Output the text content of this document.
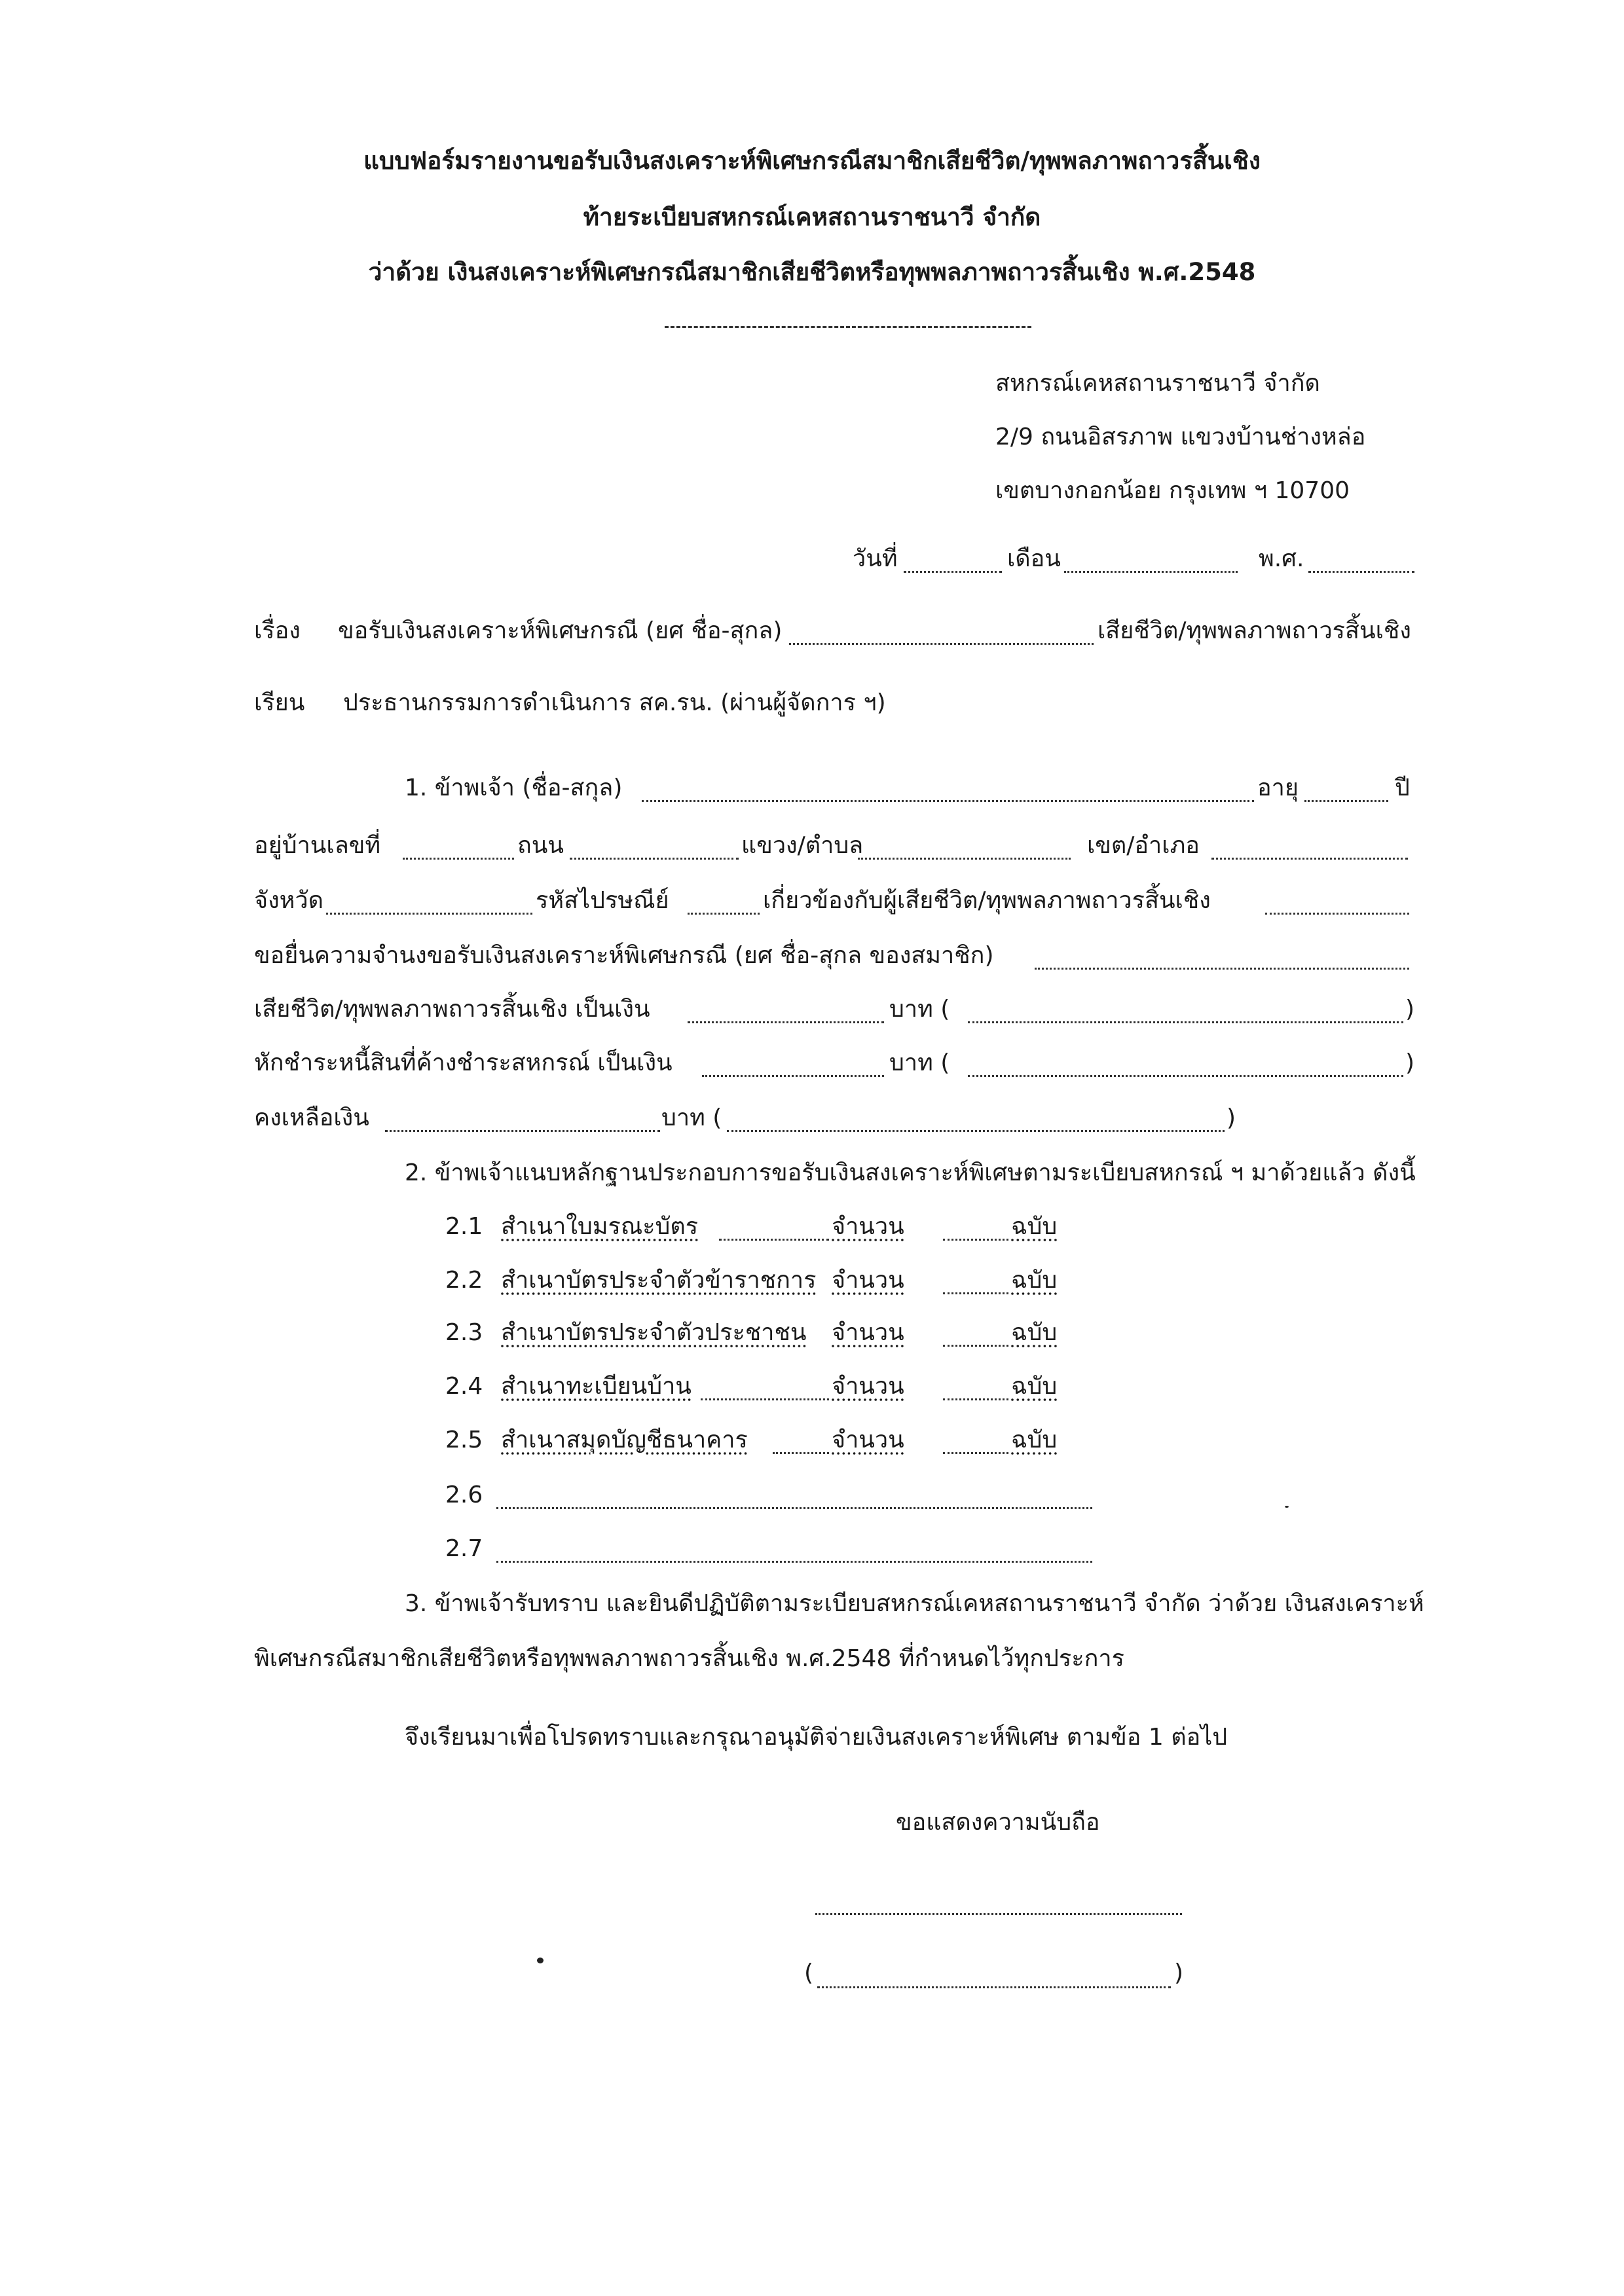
แบบฟอร์มรายงานขอรับเงินสงเคราะห์พิเศษกรณีสมาชิกเสียชีวิต/ทุพพลภาพถาวรสิ้นเชิง
ท้ายระเบียบสหกรณ์เคหสถานราชนาวี จำกัด
ว่าด้วย เงินสงเคราะห์พิเศษกรณีสมาชิกเสียชีวิตหรือทุพพลภาพถาวรสิ้นเชิง พ.ศ.2548
สหกรณ์เคหสถานราชนาวี จำกัด
2/9 ถนนอิสรภาพ แขวงบ้านช่างหล่อ
เขตบางกอกน้อย กรุงเทพ ฯ 10700
วันที่	เดือน	พ.ศ.
เรื่อง ขอรับเงินสงเคราะห์พิเศษกรณี (ยศ ชื่อ-สุกล)	เสียชีวิต/ทุพพลภาพถาวรสิ้นเชิง
เรียน ประธานกรรมการดำเนินการ สค.รน. (ผ่านผู้จัดการ ฯ)
1. ข้าพเจ้า (ชื่อ-สกุล)	อายุ	ปี
อยู่บ้านเลขที่	ถนน	แขวง/ตำบล	เขต/อำเภอ
จังหวัด	รหัสไปรษณีย์	เกี่ยวข้องกับผู้เสียชีวิต/ทุพพลภาพถาวรสิ้นเชิง
ขอยื่นความจำนงขอรับเงินสงเคราะห์พิเศษกรณี (ยศ ชื่อ-สุกล ของสมาชิก)
เสียชีวิต/ทุพพลภาพถาวรสิ้นเชิง เป็นเงิน	บาท (	)
หักชำระหนี้สินที่ค้างชำระสหกรณ์ เป็นเงิน	บาท (	)
คงเหลือเงิน	บาท (	)
2. ข้าพเจ้าแนบหลักฐานประกอบการขอรับเงินสงเคราะห์พิเศษตามระเบียบสหกรณ์ ฯ มาด้วยแล้ว ดังนี้
2.1 สำเนาใบมรณะบัตร	จำนวน	ฉบับ
2.2 สำเนาบัตรประจำตัวข้าราชการ จำนวน	ฉบับ
2.3 สำเนาบัตรประจำตัวประชาชน จำนวน	ฉบับ
2.4 สำเนาทะเบียนบ้าน	จำนวน	ฉบับ
2.5 สำเนาสมุดบัญชีธนาคาร	จำนวน	ฉบับ
2.6
2.7
3. ข้าพเจ้ารับทราบ และยินดีปฏิบัติตามระเบียบสหกรณ์เคหสถานราชนาวี จำกัด ว่าด้วย เงินสงเคราะห์
พิเศษกรณีสมาชิกเสียชีวิตหรือทุพพลภาพถาวรสิ้นเชิง พ.ศ.2548 ที่กำหนดไว้ทุกประการ
จึงเรียนมาเพื่อโปรดทราบและกรุณาอนุมัติจ่ายเงินสงเคราะห์พิเศษ ตามข้อ 1 ต่อไป
ขอแสดงความนับถือ
(	)
